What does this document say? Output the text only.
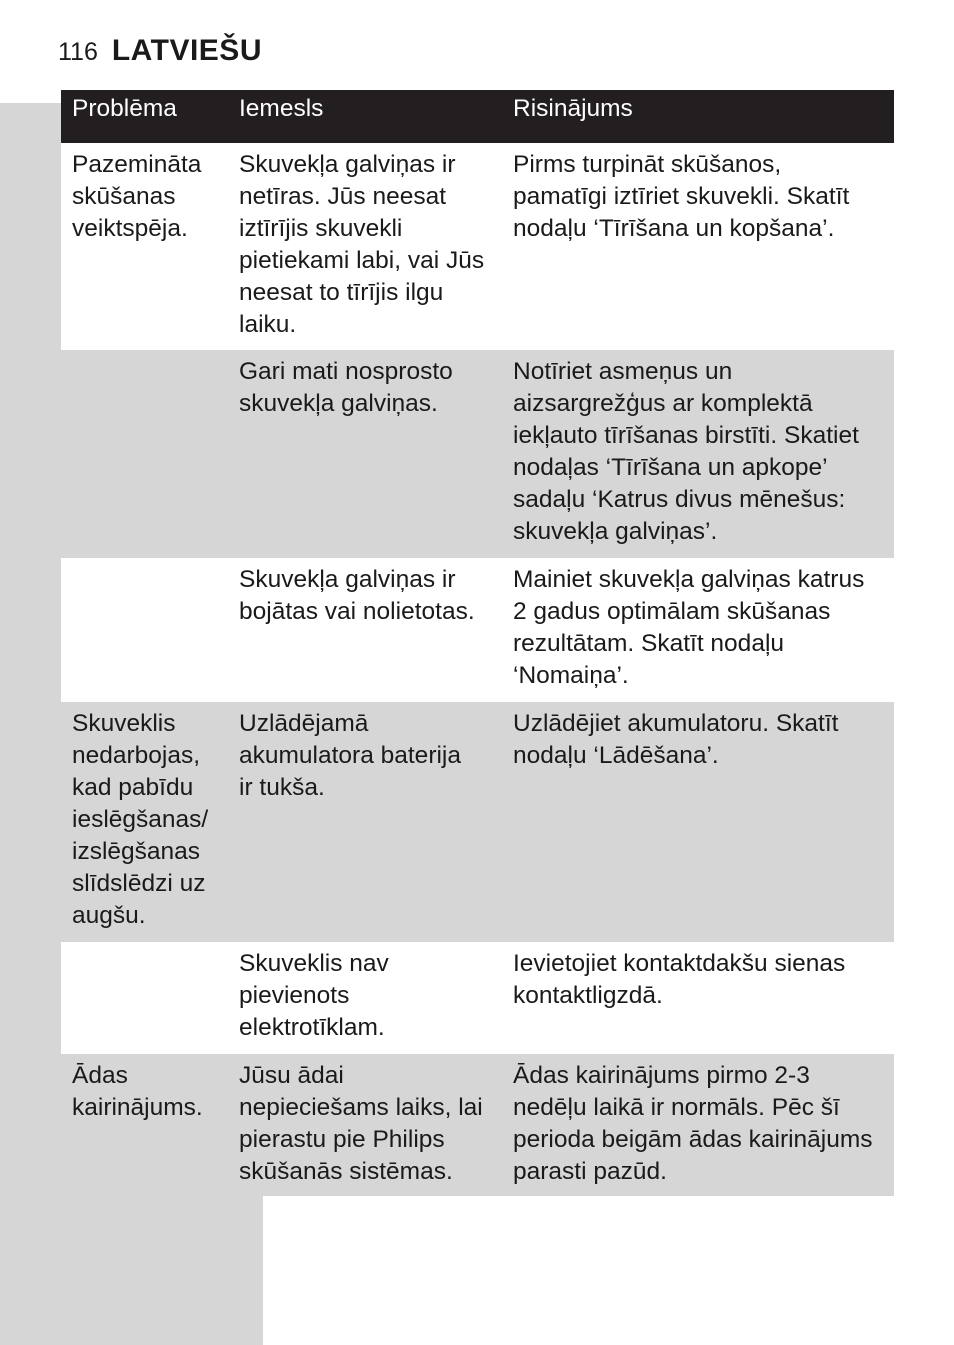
116 LATVIEŠU
Problēma	Iemesls	Risinājums
Pazemināta
skūšanas
veiktspēja.
Skuvekļa galviņas ir
netīras. Jūs neesat
iztīrījis skuvekli
pietiekami labi, vai Jūs
neesat to tīrījis ilgu
laiku.
Pirms turpināt skūšanos,
pamatīgi iztīriet skuvekli. Skatīt
nodaļu ‘Tīrīšana un kopšana’.
Gari mati nosprosto
skuvekļa galviņas.
Notīriet asmeņus un
aizsargrežģus ar komplektā
iekļauto tīrīšanas birstīti. Skatiet
nodaļas ‘Tīrīšana un apkope’
sadaļu ‘Katrus divus mēnešus:
skuvekļa galviņas’.
Skuvekļa galviņas ir
bojātas vai nolietotas.
Mainiet skuvekļa galviņas katrus
2 gadus optimālam skūšanas
rezultātam. Skatīt nodaļu
‘Nomaiņa’.
Skuveklis
nedarbojas,
kad pabīdu
ieslēgšanas/
izslēgšanas
slīdslēdzi uz
augšu.
Uzlādējamā
akumulatora baterija
ir tukša.
Uzlādējiet akumulatoru. Skatīt
nodaļu ‘Lādēšana’.
Skuveklis nav
pievienots
elektrotīklam.
Ievietojiet kontaktdakšu sienas
kontaktligzdā.
Ādas
kairinājums.
Jūsu ādai
nepieciešams laiks, lai
pierastu pie Philips
skūšanās sistēmas.
Ādas kairinājums pirmo 2-3
nedēļu laikā ir normāls. Pēc šī
perioda beigām ādas kairinājums
parasti pazūd.
